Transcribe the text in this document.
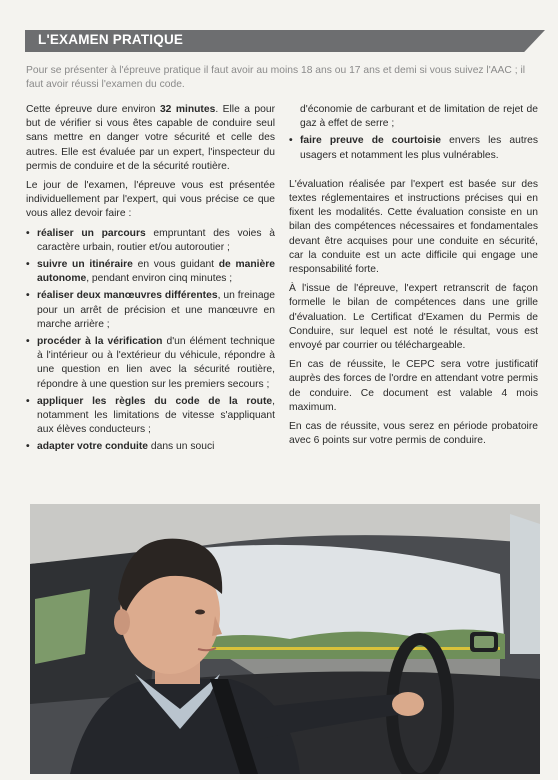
L'EXAMEN PRATIQUE
Pour se présenter à l'épreuve pratique il faut avoir au moins 18 ans ou 17 ans et demi si vous suivez l'AAC ; il faut avoir réussi l'examen du code.

Cette épreuve dure environ 32 minutes. Elle a pour but de vérifier si vous êtes capable de conduire seul sans mettre en danger votre sécurité et celle des autres. Elle est évaluée par un expert, l'inspecteur du permis de conduire et de la sécurité routière.

Le jour de l'examen, l'épreuve vous est présentée individuellement par l'expert, qui vous précise ce que vous allez devoir faire :

• réaliser un parcours empruntant des voies à caractère urbain, routier et/ou autoroutier ;
• suivre un itinéraire en vous guidant de manière autonome, pendant environ cinq minutes ;
• réaliser deux manœuvres différentes, un freinage pour un arrêt de précision et une manœuvre en marche arrière ;
• procéder à la vérification d'un élément technique à l'intérieur ou à l'extérieur du véhicule, répondre à une question en lien avec la sécurité routière, répondre à une question sur les premiers secours ;
• appliquer les règles du code de la route, notamment les limitations de vitesse s'appliquant aux élèves conducteurs ;
• adapter votre conduite dans un souci

d'économie de carburant et de limitation de rejet de gaz à effet de serre ;

• faire preuve de courtoisie envers les autres usagers et notamment les plus vulnérables.

L'évaluation réalisée par l'expert est basée sur des textes réglementaires et instructions précises qui en fixent les modalités. Cette évaluation consiste en un bilan des compétences nécessaires et fondamentales devant être acquises pour une conduite en sécurité, car la conduite est un acte difficile qui engage une responsabilité forte.

À l'issue de l'épreuve, l'expert retranscrit de façon formelle le bilan de compétences dans une grille d'évaluation. Le Certificat d'Examen du Permis de Conduire, sur lequel est noté le résultat, vous est envoyé par courrier ou téléchargeable.

En cas de réussite, le CEPC sera votre justificatif auprès des forces de l'ordre en attendant votre permis de conduire. Ce document est valable 4 mois maximum.

En cas de réussite, vous serez en période probatoire avec 6 points sur votre permis de conduire.
